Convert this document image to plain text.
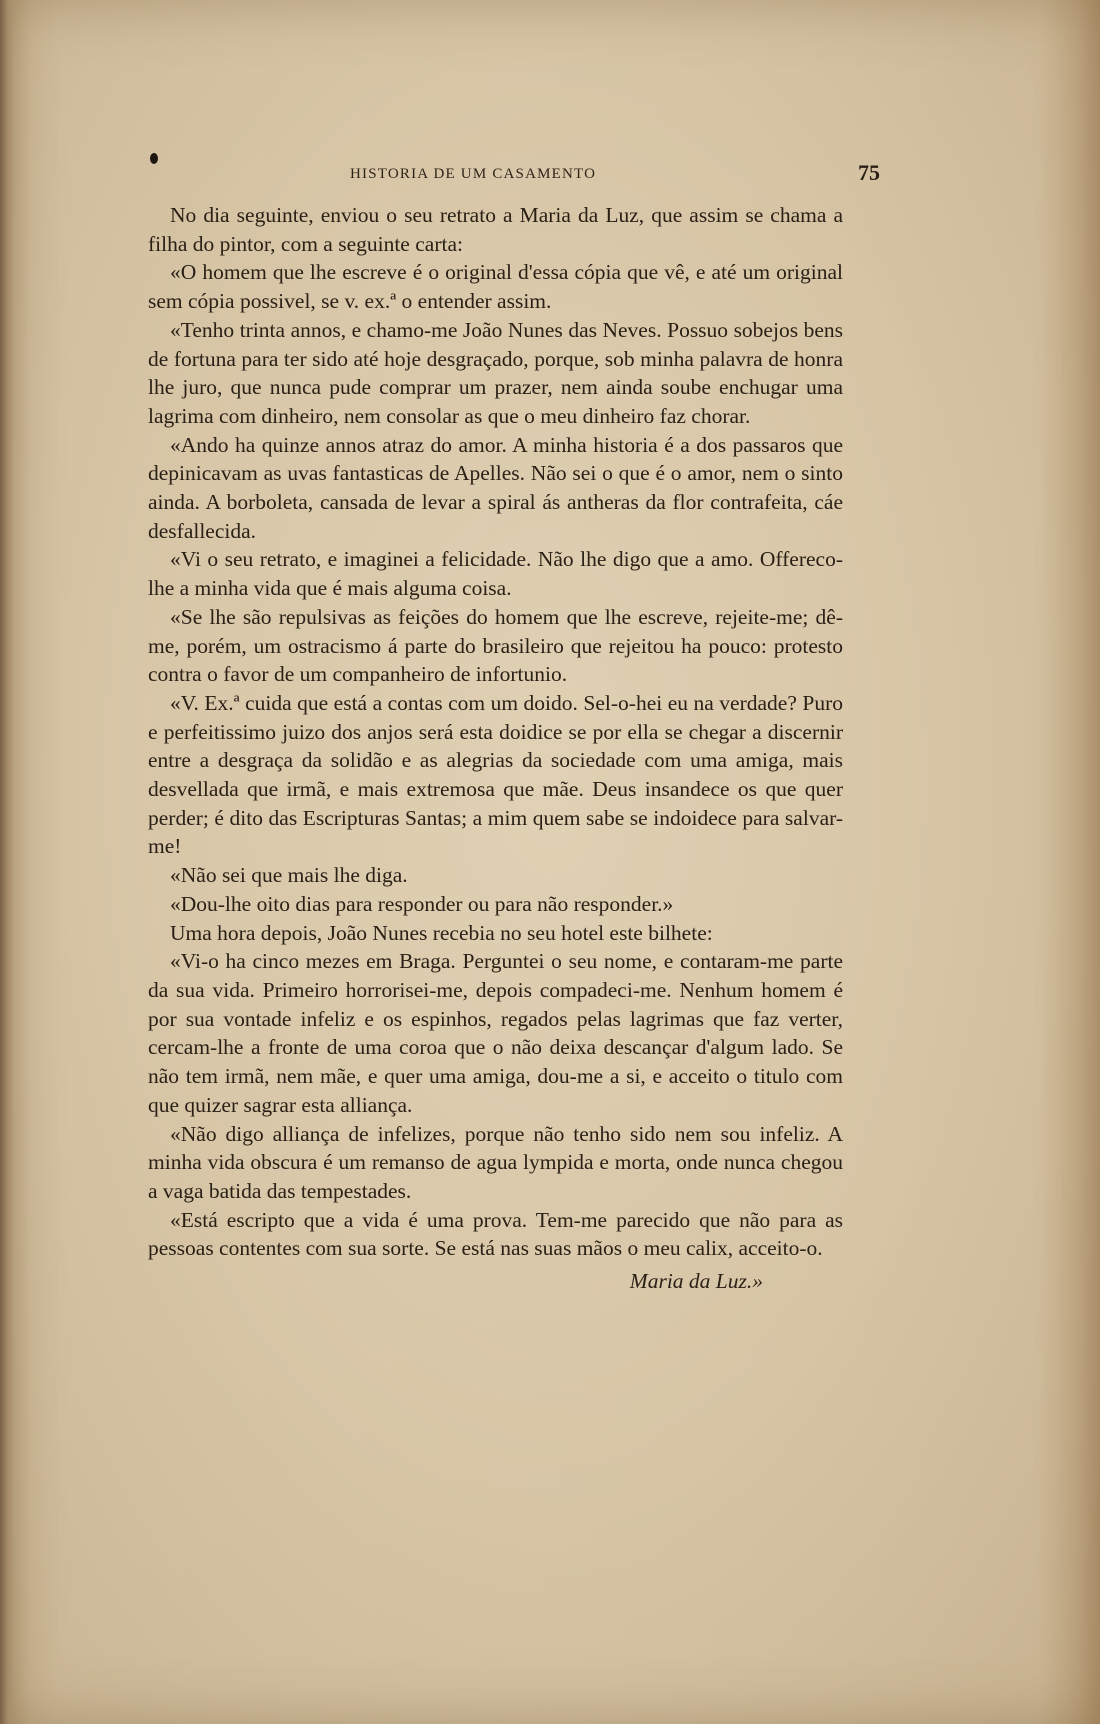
HISTORIA DE UM CASAMENTO	75

No dia seguinte, enviou o seu retrato a Maria da Luz, que assim se chama a filha do pintor, com a seguinte carta:

«O homem que lhe escreve é o original d'essa cópia que vê, e até um original sem cópia possivel, se v. ex.ª o entender assim.

«Tenho trinta annos, e chamo-me João Nunes das Neves. Possuo sobejos bens de fortuna para ter sido até hoje desgraçado, porque, sob minha palavra de honra lhe juro, que nunca pude comprar um prazer, nem ainda soube enchugar uma lagrima com dinheiro, nem consolar as que o meu dinheiro faz chorar.

«Ando ha quinze annos atraz do amor. A minha historia é a dos passaros que depinicavam as uvas fantasticas de Apelles. Não sei o que é o amor, nem o sinto ainda. A borboleta, cansada de levar a spiral ás antheras da flor contrafeita, cáe desfallecida.

«Vi o seu retrato, e imaginei a felicidade. Não lhe digo que a amo. Offereco-lhe a minha vida que é mais alguma coisa.

«Se lhe são repulsivas as feições do homem que lhe escreve, rejeite-me; dê-me, porém, um ostracismo á parte do brasileiro que rejeitou ha pouco: protesto contra o favor de um companheiro de infortunio.

«V. Ex.ª cuida que está a contas com um doido. Sel-o-hei eu na verdade? Puro e perfeitissimo juizo dos anjos será esta doidice se por ella se chegar a discernir entre a desgraça da solidão e as alegrias da sociedade com uma amiga, mais desvellada que irmã, e mais extremosa que mãe. Deus insandece os que quer perder; é dito das Escripturas Santas; a mim quem sabe se indoidece para salvar-me!

«Não sei que mais lhe diga.

«Dou-lhe oito dias para responder ou para não responder.»

Uma hora depois, João Nunes recebia no seu hotel este bilhete:

«Vi-o ha cinco mezes em Braga. Perguntei o seu nome, e contaram-me parte da sua vida. Primeiro horrorisei-me, depois compadeci-me. Nenhum homem é por sua vontade infeliz e os espinhos, regados pelas lagrimas que faz verter, cercam-lhe a fronte de uma coroa que o não deixa descançar d'algum lado. Se não tem irmã, nem mãe, e quer uma amiga, dou-me a si, e acceito o titulo com que quizer sagrar esta alliança.

«Não digo alliança de infelizes, porque não tenho sido nem sou infeliz. A minha vida obscura é um remanso de agua lympida e morta, onde nunca chegou a vaga batida das tempestades.

«Está escripto que a vida é uma prova. Tem-me parecido que não para as pessoas contentes com sua sorte. Se está nas suas mãos o meu calix, acceito-o.

Maria da Luz.»
